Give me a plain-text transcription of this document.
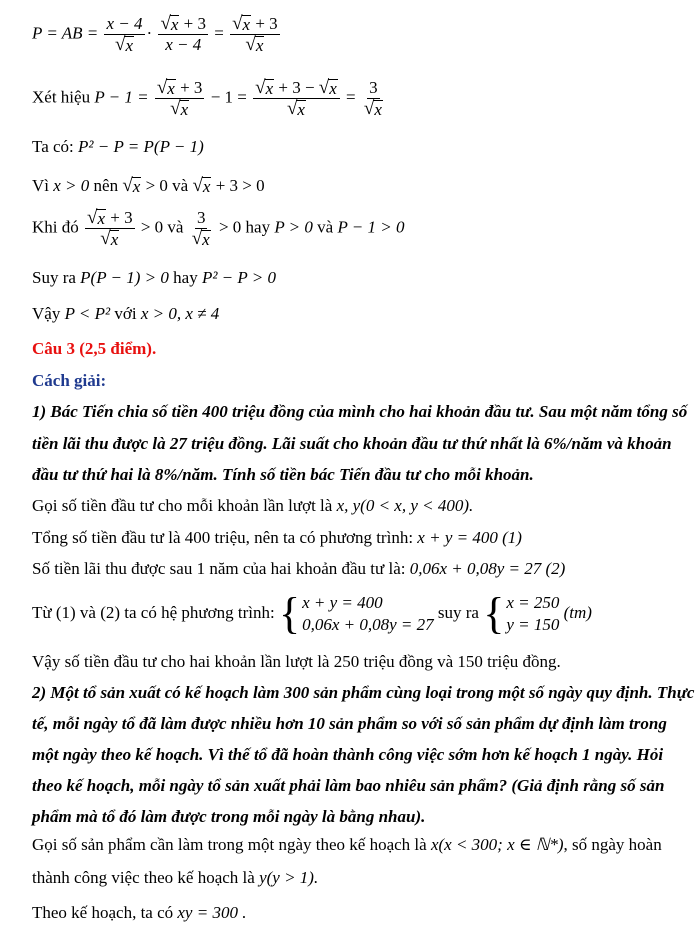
P = AB = $\frac{x - 4}{√ x} \cdot \frac{√ x + 3}{x - 4} = \frac{√ x + 3}{√ x}$
Xét hiệu $P - 1 = \frac{√ x + 3}{√ x} - 1 = \frac{√ x + 3 - √ x}{√ x} = \frac{3}{√ x}$
Ta có: P² − P = P(P − 1)
Vì x > 0 nên √ x > 0 và √ x + 3 > 0
Khi đó $\frac{√ x + 3}{√ x} > 0$ và $\frac{3}{√ x} > 0$ hay P > 0 và P − 1 > 0
Suy ra P(P − 1) > 0 hay P² − P > 0
Vậy P < P² với x > 0, x ≠ 4
Câu 3 (2,5 điểm).
Cách giải:
1) Bác Tiến chia số tiền 400 triệu đồng của mình cho hai khoản đầu tư. Sau một năm tổng số
tiền lãi thu được là 27 triệu đồng. Lãi suất cho khoản đầu tư thứ nhất là 6%/năm và khoản
đầu tư thứ hai là 8%/năm. Tính số tiền bác Tiến đầu tư cho mỗi khoản.
Gọi số tiền đầu tư cho mỗi khoản lần lượt là x, y(0 < x, y < 400).
Tổng số tiền đầu tư là 400 triệu, nên ta có phương trình: x + y = 400 (1)
Số tiền lãi thu được sau 1 năm của hai khoản đầu tư là: 0,06x + 0,08y = 27 (2)
Từ (1) và (2) ta có hệ phương trình: { x + y = 400
0,06x + 0,08y = 27
suy ra { x = 250
y = 150
(tm)
Vậy số tiền đầu tư cho hai khoản lần lượt là 250 triệu đồng và 150 triệu đồng.
2) Một tổ sản xuất có kế hoạch làm 300 sản phẩm cùng loại trong một số ngày quy định. Thực
tế, mỗi ngày tổ đã làm được nhiều hơn 10 sản phẩm so với số sản phẩm dự định làm trong
một ngày theo kế hoạch. Vì thế tổ đã hoàn thành công việc sớm hơn kế hoạch 1 ngày. Hỏi
theo kế hoạch, mỗi ngày tổ sản xuất phải làm bao nhiêu sản phẩm? (Giả định rằng số sản
phẩm mà tổ đó làm được trong mỗi ngày là bằng nhau).
Gọi số sản phẩm cần làm trong một ngày theo kế hoạch là x(x < 300; x ∈ ℕ*), số ngày hoàn
thành công việc theo kế hoạch là y(y > 1).
Theo kế hoạch, ta có xy = 300 .
